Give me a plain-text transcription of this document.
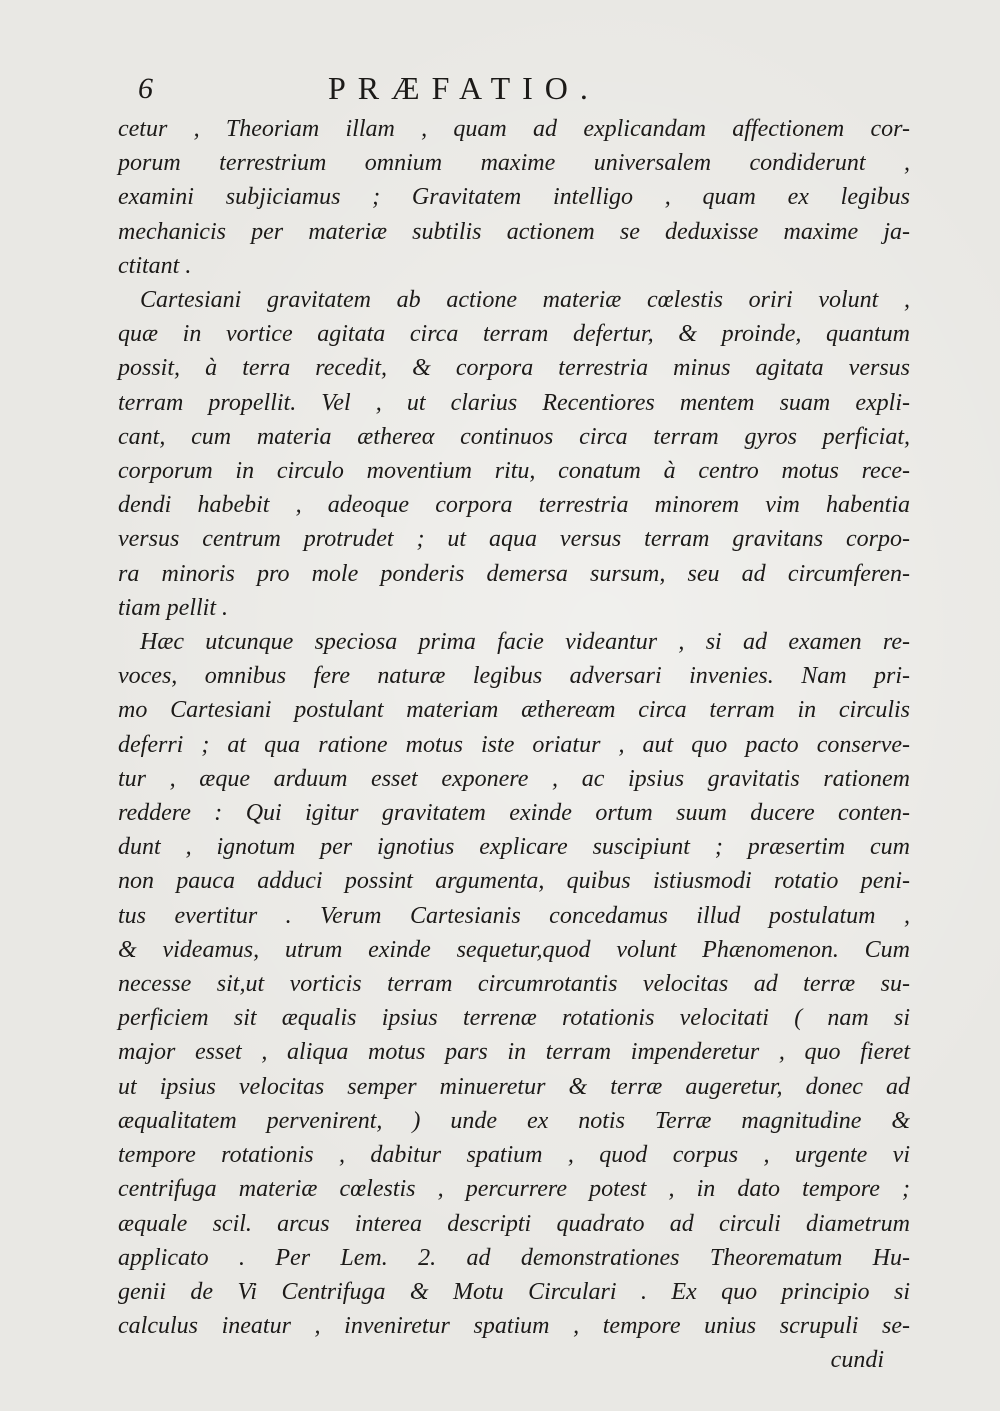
6	PRÆFATIO.
cetur , Theoriam illam , quam ad explicandam affectionem cor-
porum terrestrium omnium maxime universalem condiderunt ,
examini subjiciamus ; Gravitatem intelligo , quam ex legibus
mechanicis per materiæ subtilis actionem se deduxisse maxime ja-
ctitant .
Cartesiani gravitatem ab actione materiæ cœlestis oriri volunt ,
quæ in vortice agitata circa terram defertur, & proinde, quantum
possit, à terra recedit, & corpora terrestria minus agitata versus
terram propellit. Vel , ut clarius Recentiores mentem suam expli-
cant, cum materia æthereα continuos circa terram gyros perficiat,
corporum in circulo moventium ritu, conatum à centro motus rece-
dendi habebit , adeoque corpora terrestria minorem vim habentia
versus centrum protrudet ; ut aqua versus terram gravitans corpo-
ra minoris pro mole ponderis demersa sursum, seu ad circumferen-
tiam pellit .
Hæc utcunque speciosa prima facie videantur , si ad examen re-
voces, omnibus fere naturæ legibus adversari invenies. Nam pri-
mo Cartesiani postulant materiam æthereαm circa terram in circulis
deferri ; at qua ratione motus iste oriatur , aut quo pacto conserve-
tur , æque arduum esset exponere , ac ipsius gravitatis rationem
reddere : Qui igitur gravitatem exinde ortum suum ducere conten-
dunt , ignotum per ignotius explicare suscipiunt ; præsertim cum
non pauca adduci possint argumenta, quibus istiusmodi rotatio peni-
tus evertitur . Verum Cartesianis concedamus illud postulatum ,
& videamus, utrum exinde sequetur,quod volunt Phænomenon. Cum
necesse sit,ut vorticis terram circumrotantis velocitas ad terræ su-
perficiem sit æqualis ipsius terrenæ rotationis velocitati ( nam si
major esset , aliqua motus pars in terram impenderetur , quo fieret
ut ipsius velocitas semper minueretur & terræ augeretur, donec ad
æqualitatem pervenirent, ) unde ex notis Terræ magnitudine &
tempore rotationis , dabitur spatium , quod corpus , urgente vi
centrifuga materiæ cœlestis , percurrere potest , in dato tempore ;
æquale scil. arcus interea descripti quadrato ad circuli diametrum
applicato . Per Lem. 2. ad demonstrationes Theorematum Hu-
genii de Vi Centrifuga & Motu Circulari . Ex quo principio si
calculus ineatur , inveniretur spatium , tempore unius scrupuli se-
cundi
